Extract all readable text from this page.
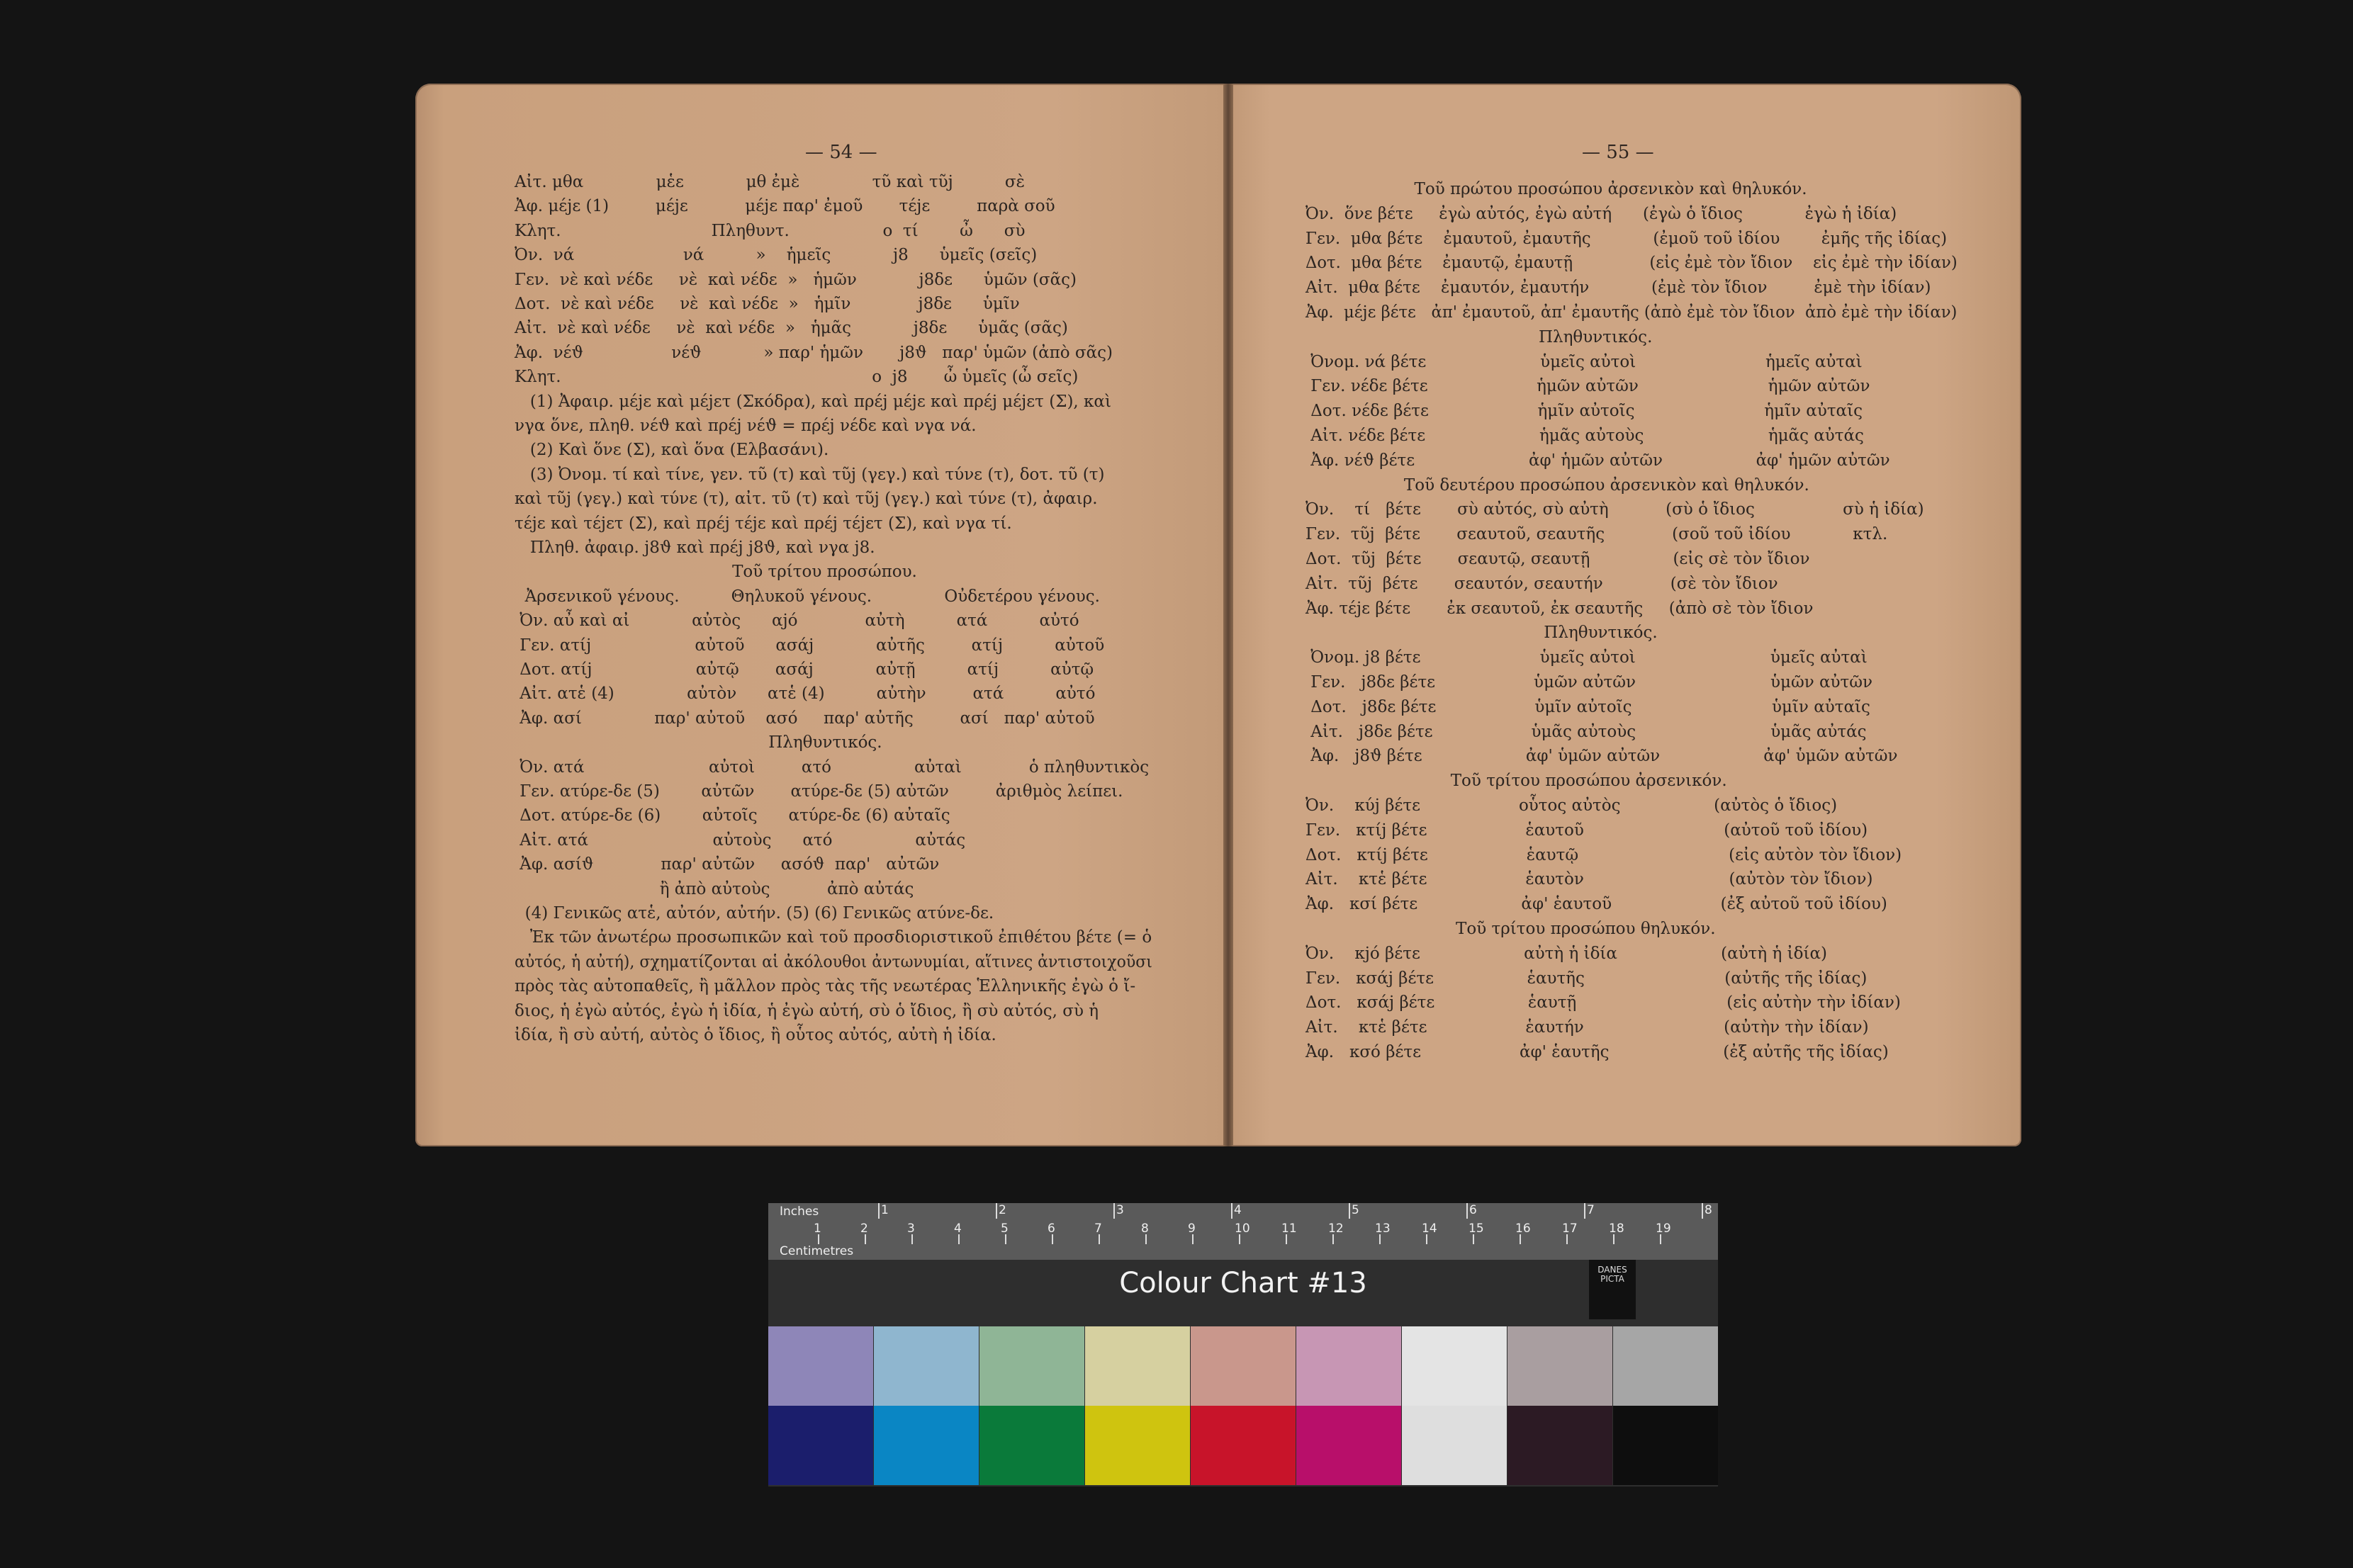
— 54 —
Αἰτ. μθα              μἑε            μθ ἐμὲ              τῦ καὶ τῦj          σὲ
Ἀφ. μέjε (1)         μέjε           μέjε παρ' ἐμοῦ       τέjε         παρὰ σοῦ
Κλητ.                             Πληθυντ.                  ο  τί        ὦ      σὺ
Ὀν.  νά                     νά          »    ἡμεῖς            j8      ὑμεῖς (σεῖς)
Γεν.  νὲ καὶ νέδε     νὲ  καὶ νέδε  »   ἡμῶν            j8δε      ὑμῶν (σᾶς)
Δοτ.  νὲ καὶ νέδε     νὲ  καὶ νέδε  »   ἡμῖν             j8δε      ὑμῖν
Αἰτ.  νὲ καὶ νέδε     νὲ  καὶ νέδε  »   ἡμᾶς            j8δε      ὑμᾶς (σᾶς)
Ἀφ.  νέϑ                 νέϑ            » παρ' ἡμῶν       j8ϑ   παρ' ὑμῶν (ἀπὸ σᾶς)
Κλητ.                                                            ο  j8       ὦ ὑμεῖς (ὦ σεῖς)
(1) Ἀφαιρ. μέjε καὶ μέjετ (Σκόδρα), καὶ πρέj μέjε καὶ πρέj μέjετ (Σ), καὶ
νγα ὅνε, πληθ. νέϑ καὶ πρέj νέϑ = πρέj νέδε καὶ νγα νά.
(2) Καὶ ὅνε (Σ), καὶ ὅνα (Ελβασάνι).
(3) Ὀνομ. τί καὶ τίνε, γεν. τῦ (τ) καὶ τῦj (γεγ.) καὶ τύνε (τ), δοτ. τῦ (τ)
καὶ τῦj (γεγ.) καὶ τύνε (τ), αἰτ. τῦ (τ) καὶ τῦj (γεγ.) καὶ τύνε (τ), ἀφαιρ.
τέjε καὶ τέjετ (Σ), καὶ πρέj τέjε καὶ πρέj τέjετ (Σ), καὶ νγα τί.
Πληθ. ἀφαιρ. j8ϑ καὶ πρέj j8ϑ, καὶ νγα j8.
Τοῦ τρίτου προσώπου.
Ἀρσενικοῦ γένους.          Θηλυκοῦ γένους.              Οὐδετέρου γένους.
Ὀν. αὖ καὶ αἰ            αὐτὸς      αjό             αὐτὴ          ατά          αὐτό
Γεν. ατίj                    αὐτοῦ      ασάj            αὐτῆς         ατίj          αὐτοῦ
Δοτ. ατίj                    αὐτῷ       ασάj            αὐτῇ          ατίj          αὐτῷ
Αἰτ. ατἑ (4)              αὐτὸν      ατἑ (4)          αὐτὴν         ατά          αὐτό
Ἀφ. ασί              παρ' αὐτοῦ    ασό     παρ' αὐτῆς         ασί   παρ' αὐτοῦ
Πληθυντικός.
Ὀν. ατά                        αὐτοὶ         ατό                αὐταὶ             ὁ πληθυντικὸς
Γεν. ατύρε-δε (5)        αὐτῶν       ατύρε-δε (5) αὐτῶν         ἀριθμὸς λείπει.
Δοτ. ατύρε-δε (6)        αὐτοῖς      ατύρε-δε (6) αὐταῖς
Αἰτ. ατά                        αὐτοὺς      ατό                αὐτάς
Ἀφ. ασίϑ             παρ' αὐτῶν     ασόϑ  παρ'   αὐτῶν
ἢ ἀπὸ αὐτοὺς           ἀπὸ αὐτάς
(4) Γενικῶς ατἑ, αὐτόν, αὐτήν. (5) (6) Γενικῶς ατύνε-δε.
Ἐκ τῶν ἀνωτέρω προσωπικῶν καὶ τοῦ προσδιοριστικοῦ ἐπιθέτου βέτε (= ὁ
αὐτός, ἡ αὐτή), σχηματίζονται αἱ ἀκόλουθοι ἀντωνυμίαι, αἵτινες ἀντιστοιχοῦσι
πρὸς τὰς αὐτοπαθεῖς, ἢ μᾶλλον πρὸς τὰς τῆς νεωτέρας Ἑλληνικῆς ἐγὼ ὁ ἴ-
διος, ἡ ἐγὼ αὐτός, ἐγὼ ἡ ἰδία, ἡ ἐγὼ αὐτή, σὺ ὁ ἴδιος, ἢ σὺ αὐτός, σὺ ἡ
ἰδία, ἢ σὺ αὐτή, αὐτὸς ὁ ἴδιος, ἢ οὗτος αὐτός, αὐτὴ ἡ ἰδία.
— 55 —
Τοῦ πρώτου προσώπου ἀρσενικὸν καὶ θηλυκόν.
Ὀν.  ὅνε βέτε     ἐγὼ αὐτός, ἐγὼ αὐτή      (ἐγὼ ὁ ἴδιος            ἐγὼ ἡ ἰδία)
Γεν.  μθα βέτε    ἐμαυτοῦ, ἐμαυτῆς            (ἐμοῦ τοῦ ἰδίου        ἐμῆς τῆς ἰδίας)
Δοτ.  μθα βέτε    ἐμαυτῷ, ἐμαυτῇ               (εἰς ἐμὲ τὸν ἴδιον    εἰς ἐμὲ τὴν ἰδίαν)
Αἰτ.  μθα βέτε    ἐμαυτόν, ἐμαυτήν            (ἐμὲ τὸν ἴδιον         ἐμὲ τὴν ἰδίαν)
Ἀφ.  μέjε βέτε   ἀπ' ἐμαυτοῦ, ἀπ' ἐμαυτῆς (ἀπὸ ἐμὲ τὸν ἴδιον  ἀπὸ ἐμὲ τὴν ἰδίαν)
Πληθυντικός.
Ὀνομ. νά βέτε                      ὑμεῖς αὐτοὶ                         ἡμεῖς αὐταὶ
Γεν. νέδε βέτε                     ἡμῶν αὐτῶν                         ἡμῶν αὐτῶν
Δοτ. νέδε βέτε                     ἡμῖν αὐτοῖς                         ἡμῖν αὐταῖς
Αἰτ. νέδε βέτε                      ἡμᾶς αὐτοὺς                        ἡμᾶς αὐτάς
Ἀφ. νέϑ βέτε                      ἀφ' ἡμῶν αὐτῶν                  ἀφ' ἡμῶν αὐτῶν
Τοῦ δευτέρου προσώπου ἀρσενικὸν καὶ θηλυκόν.
Ὀν.    τί   βέτε       σὺ αὐτός, σὺ αὐτὴ           (σὺ ὁ ἴδιος                 σὺ ἡ ἰδία)
Γεν.  τῦj  βέτε       σεαυτοῦ, σεαυτῆς             (σοῦ τοῦ ἰδίου            κτλ.
Δοτ.  τῦj  βέτε       σεαυτῷ, σεαυτῇ                (εἰς σὲ τὸν ἴδιον
Αἰτ.  τῦj  βέτε       σεαυτόν, σεαυτήν             (σὲ τὸν ἴδιον
Ἀφ. τέjε βέτε       ἐκ σεαυτοῦ, ἐκ σεαυτῆς     (ἀπὸ σὲ τὸν ἴδιον
Πληθυντικός.
Ὀνομ. j8 βέτε                       ὑμεῖς αὐτοὶ                          ὑμεῖς αὐταὶ
Γεν.   j8δε βέτε                   ὑμῶν αὐτῶν                          ὑμῶν αὐτῶν
Δοτ.   j8δε βέτε                   ὑμῖν αὐτοῖς                           ὑμῖν αὐταῖς
Αἰτ.   j8δε βέτε                   ὑμᾶς αὐτοὺς                          ὑμᾶς αὐτάς
Ἀφ.   j8ϑ βέτε                    ἀφ' ὑμῶν αὐτῶν                    ἀφ' ὑμῶν αὐτῶν
Τοῦ τρίτου προσώπου ἀρσενικόν.
Ὀν.    κύj βέτε                   οὗτος αὐτὸς                  (αὐτὸς ὁ ἴδιος)
Γεν.   κτίj βέτε                   ἑαυτοῦ                           (αὐτοῦ τοῦ ἰδίου)
Δοτ.   κτίj βέτε                   ἑαυτῷ                             (εἰς αὐτὸν τὸν ἴδιον)
Αἰτ.    κτἑ βέτε                   ἑαυτὸν                            (αὐτὸν τὸν ἴδιον)
Ἀφ.   κσί βέτε                    ἀφ' ἑαυτοῦ                     (ἐξ αὐτοῦ τοῦ ἰδίου)
Τοῦ τρίτου προσώπου θηλυκόν.
Ὀν.    κjό βέτε                    αὐτὴ ἡ ἰδία                    (αὐτὴ ἡ ἰδία)
Γεν.   κσάj βέτε                  ἑαυτῆς                           (αὐτῆς τῆς ἰδίας)
Δοτ.   κσάj βέτε                  ἑαυτῇ                             (εἰς αὐτὴν τὴν ἰδίαν)
Αἰτ.    κτἑ βέτε                   ἑαυτήν                           (αὐτὴν τὴν ἰδίαν)
Ἀφ.   κσό βέτε                   ἀφ' ἑαυτῆς                      (ἐξ αὐτῆς τῆς ἰδίας)
Inches
Centimetres
1	2	3	4	5	6	7	8
1	2	3	4	5	6	7	8	9	10	11	12	13	14	15	16	17	18	19
Colour Chart #13	DANES PICTA
